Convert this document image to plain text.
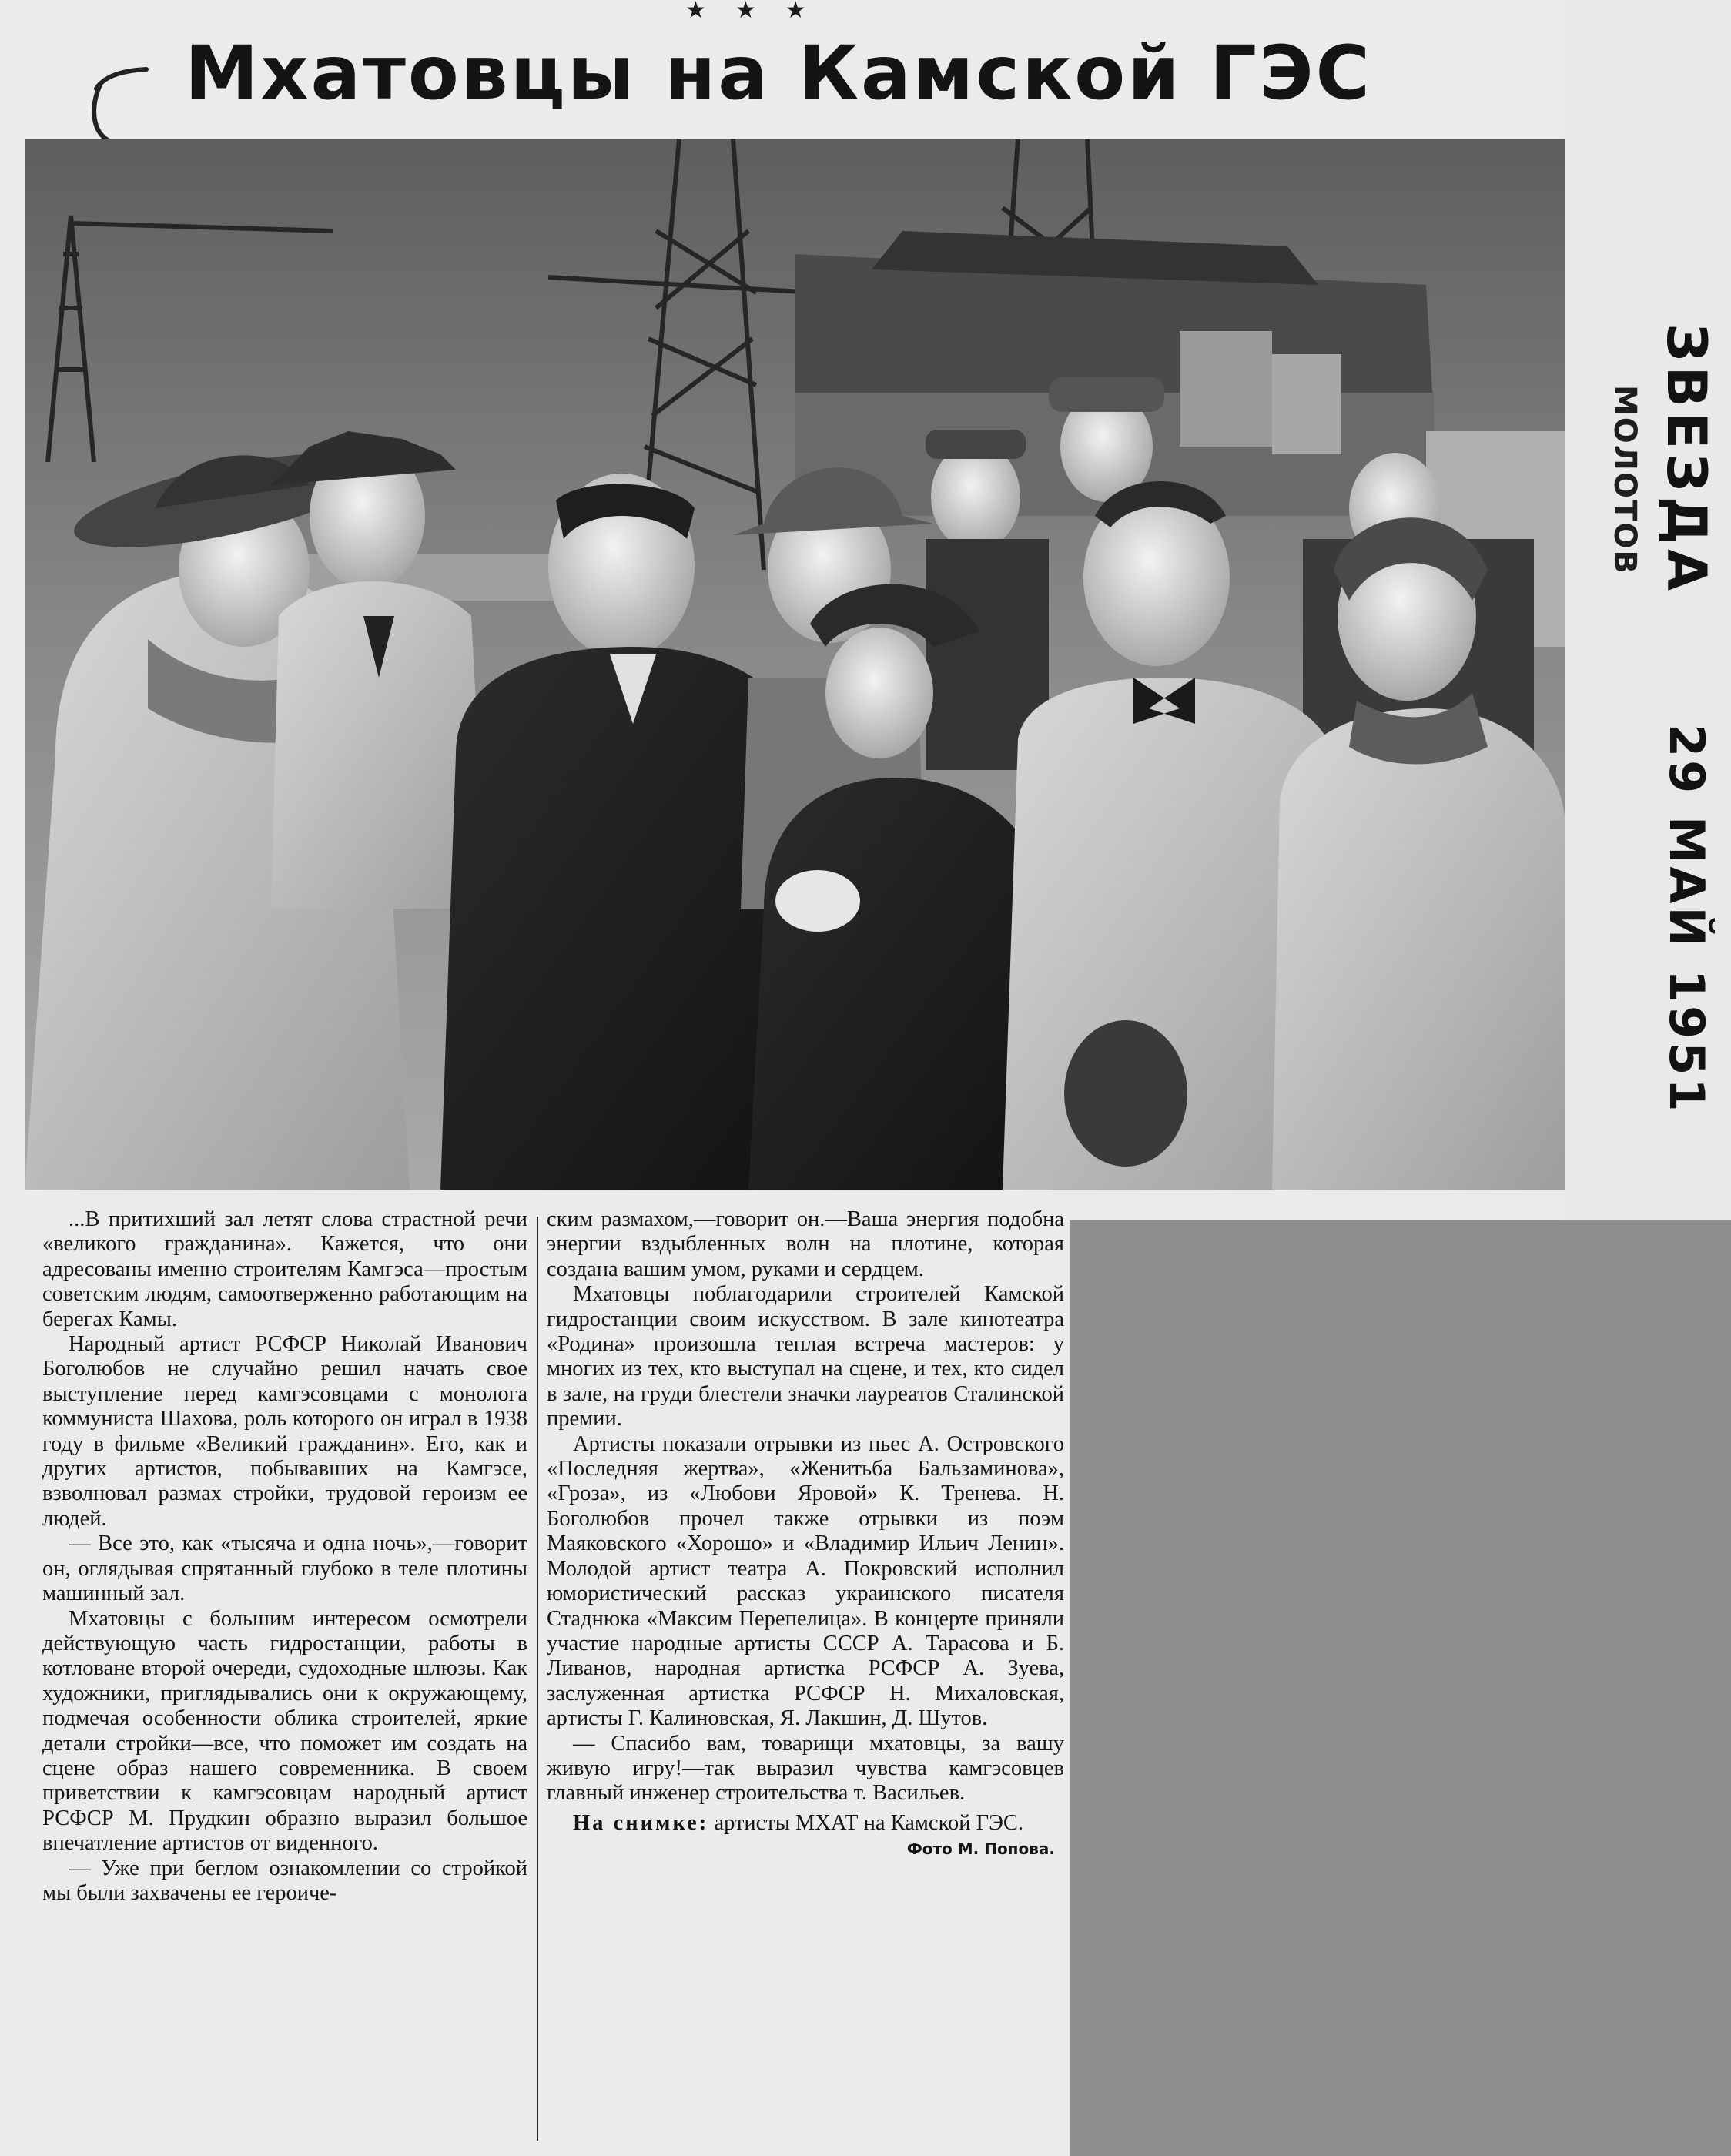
★★★
Мхатовцы на Камской ГЭС
ЗВЕЗДА
МОЛОТОВ
29 МАЙ 1951

...В притихший зал летят слова страстной речи «великого гражданина». Кажется, что они адресованы именно строителям Камгэса—простым советским людям, самоотверженно работающим на берегах Камы.

Народный артист РСФСР Николай Иванович Боголюбов не случайно решил начать свое выступление перед камгэсовцами с монолога коммуниста Шахова, роль которого он играл в 1938 году в фильме «Великий гражданин». Его, как и других артистов, побывавших на Камгэсе, взволновал размах стройки, трудовой героизм ее людей.

— Все это, как «тысяча и одна ночь»,—говорит он, оглядывая спрятанный глубоко в теле плотины машинный зал.

Мхатовцы с большим интересом осмотрели действующую часть гидростанции, работы в котловане второй очереди, судоходные шлюзы. Как художники, приглядывались они к окружающему, подмечая особенности облика строителей, яркие детали стройки—все, что поможет им создать на сцене образ нашего современника. В своем приветствии к камгэсовцам народный артист РСФСР М. Прудкин образно выразил большое впечатление артистов от виденного.

— Уже при беглом ознакомлении со стройкой мы были захвачены ее героиче-

ским размахом,—говорит он.—Ваша энергия подобна энергии вздыбленных волн на плотине, которая создана вашим умом, руками и сердцем.

Мхатовцы поблагодарили строителей Камской гидростанции своим искусством. В зале кинотеатра «Родина» произошла теплая встреча мастеров: у многих из тех, кто выступал на сцене, и тех, кто сидел в зале, на груди блестели значки лауреатов Сталинской премии.

Артисты показали отрывки из пьес А. Островского «Последняя жертва», «Женитьба Бальзаминова», «Гроза», из «Любови Яровой» К. Тренева. Н. Боголюбов прочел также отрывки из поэм Маяковского «Хорошо» и «Владимир Ильич Ленин». Молодой артист театра А. Покровский исполнил юмористический рассказ украинского писателя Стаднюка «Максим Перепелица». В концерте приняли участие народные артисты СССР А. Тарасова и Б. Ливанов, народная артистка РСФСР А. Зуева, заслуженная артистка РСФСР Н. Михаловская, артисты Г. Калиновская, Я. Лакшин, Д. Шутов.

— Спасибо вам, товарищи мхатовцы, за вашу живую игру!—так выразил чувства камгэсовцев главный инженер строительства т. Васильев.

На снимке: артисты МХАТ на Камской ГЭС.
Фото М. Попова.
